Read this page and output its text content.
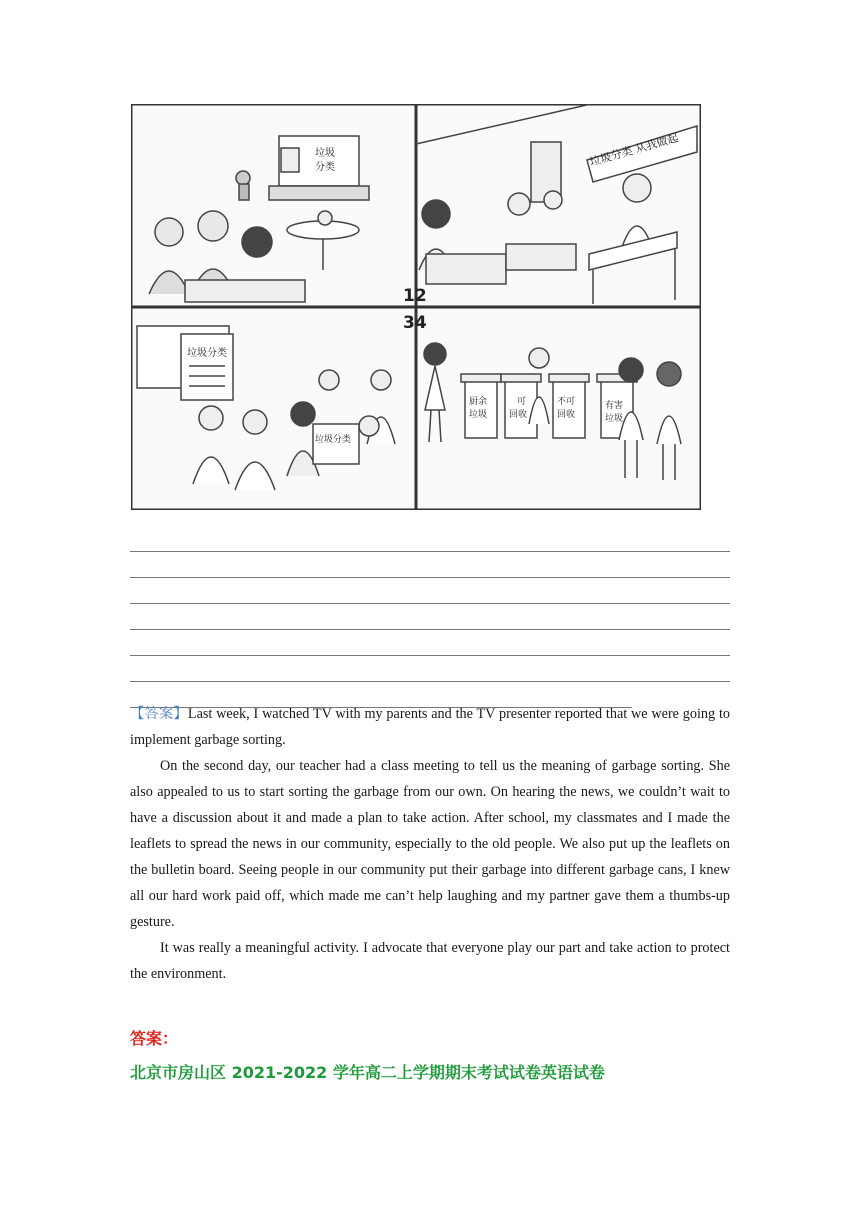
垃圾
分类	垃圾分类 从我做起
12
34
垃圾分类
垃圾分类
厨余
垃圾
可
回收
不可
回收
有害
垃圾

【答案】Last week, I watched TV with my parents and the TV presenter reported that we were going to implement garbage sorting.

On the second day, our teacher had a class meeting to tell us the meaning of garbage sorting. She also appealed to us to start sorting the garbage from our own. On hearing the news, we couldn’t wait to have a discussion about it and made a plan to take action. After school, my classmates and I made the leaflets to spread the news in our community, especially to the old people. We also put up the leaflets on the bulletin board. Seeing people in our community put their garbage into different garbage cans, I knew all our hard work paid off, which made me can’t help laughing and my partner gave them a thumbs-up gesture.

It was really a meaningful activity. I advocate that everyone play our part and take action to protect the environment.

答案：
北京市房山区 2021-2022 学年高二上学期期末考试试卷英语试卷
